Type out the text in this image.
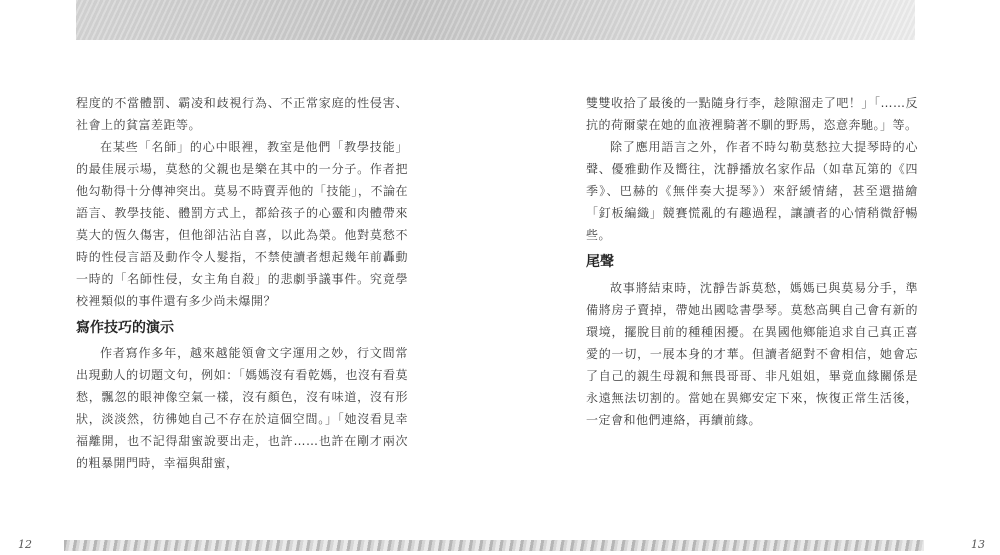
程度的不當體罰、霸凌和歧視行為、不正常家庭的性侵害、社會上的貧富差距等。

在某些「名師」的心中眼裡，教室是他們「教學技能」的最佳展示場，莫愁的父親也是樂在其中的一分子。作者把他勾勒得十分傳神突出。莫易不時賣弄他的「技能」，不論在語言、教學技能、體罰方式上，都給孩子的心靈和肉體帶來莫大的恆久傷害，但他卻沾沾自喜，以此為榮。他對莫愁不時的性侵言語及動作令人髮指，不禁使讀者想起幾年前轟動一時的「名師性侵，女主角自殺」的悲劇爭議事件。究竟學校裡類似的事件還有多少尚未爆開？

寫作技巧的演示

作者寫作多年，越來越能領會文字運用之妙，行文間常出現動人的切題文句，例如：「媽媽沒有看乾媽，也沒有看莫愁，飄忽的眼神像空氣一樣，沒有顏色，沒有味道，沒有形狀，淡淡然，彷彿她自己不存在於這個空間。」「她沒看見幸福離開，也不記得甜蜜說要出走，也許……也許在剛才兩次的粗暴開門時，幸福與甜蜜，

雙雙收拾了最後的一點隨身行李，趁隙溜走了吧！」「……反抗的荷爾蒙在她的血液裡騎著不馴的野馬，恣意奔馳。」等。

除了應用語言之外，作者不時勾勒莫愁拉大提琴時的心聲、優雅動作及嚮往，沈靜播放名家作品（如韋瓦第的《四季》、巴赫的《無伴奏大提琴》）來舒緩情緒，甚至還描繪「釘板編織」競賽慌亂的有趣過程，讓讀者的心情稍微舒暢些。

尾聲

故事將結束時，沈靜告訴莫愁，媽媽已與莫易分手，準備將房子賣掉，帶她出國唸書學琴。莫愁高興自己會有新的環境，擺脫目前的種種困擾。在異國他鄉能追求自己真正喜愛的一切，一展本身的才華。但讀者絕對不會相信，她會忘了自己的親生母親和無畏哥哥、非凡姐姐，畢竟血緣關係是永遠無法切割的。當她在異鄉安定下來，恢復正常生活後，一定會和他們連絡，再續前緣。

12	13
